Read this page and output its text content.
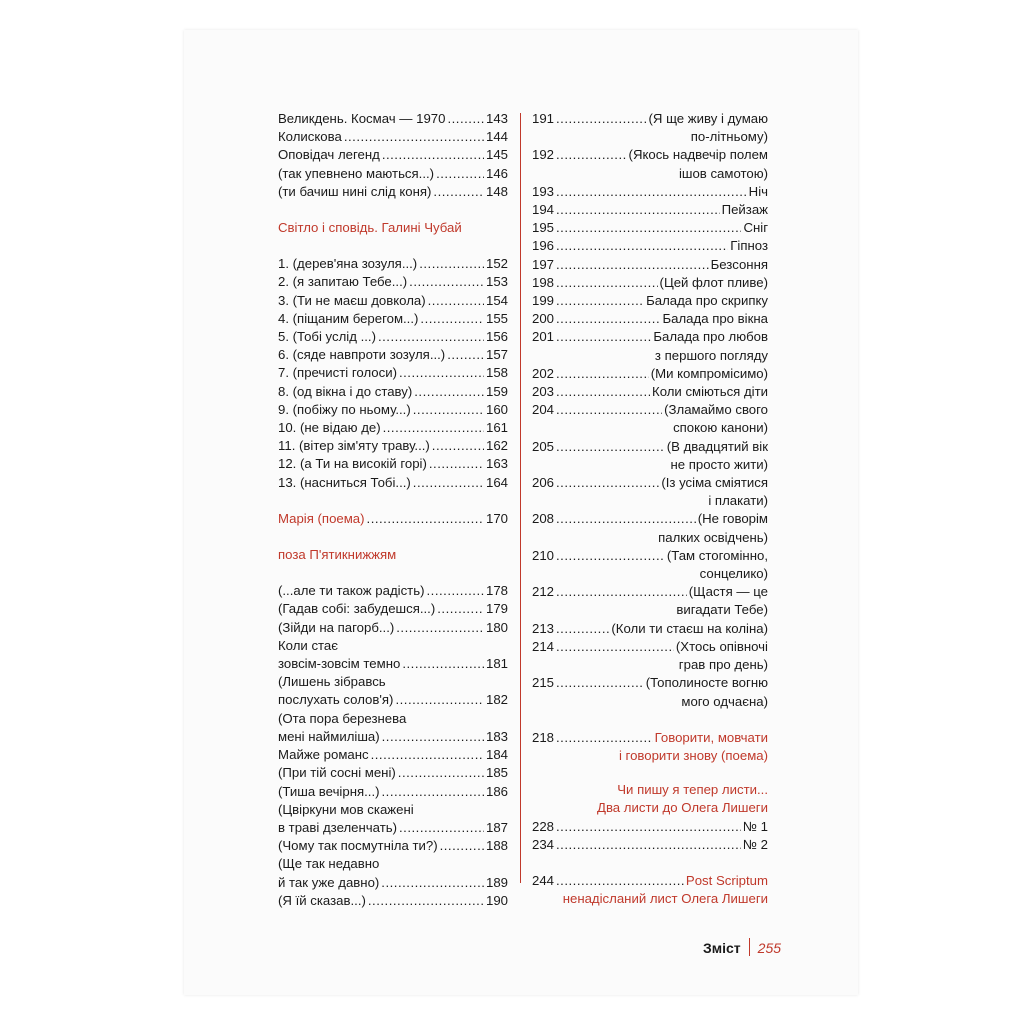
Великдень. Космач — 1970 .....	143
Колискова .....	144
Оповідач легенд .....	145
(так упевнено маються...) .....	146
(ти бачиш нині слід коня) .....	148
Світло і сповідь. Галині Чубай
1. (дерев'яна зозуля...) .....	152
2. (я запитаю Тебе...) .....	153
3. (Ти не маєш довкола) .....	154
4. (піщаним берегом...) .....	155
5. (Тобі услід ...) .....	156
6. (сяде навпроти зозуля...) .....	157
7. (пречисті голоси) .....	158
8. (од вікна і до ставу) .....	159
9. (побіжу по ньому...) .....	160
10. (не відаю де) .....	161
11. (вітер зім'яту траву...) .....	162
12. (а Ти на високій горі) .....	163
13. (насниться Тобі...) .....	164
Марія (поема) .....	170
поза П'ятикнижжям
(...але ти також радість) .....	178
(Гадав собі: забудешся...) .....	179
(Зійди на пагорб...) .....	180
Коли стає
зовсім-зовсім темно .....	181
(Лишень зібравсь
послухать солов'я) .....	182
(Ота пора березнева
мені наймиліша) .....	183
Майже романс .....	184
(При тій сосні мені) .....	185
(Тиша вечірня...) .....	186
(Цвіркуни мов скажені
в траві дзеленчать) .....	187
(Чому так посмутніла ти?) .....	188
(Ще так недавно
й так уже давно) .....	189
(Я їй сказав...) .....	190
191 .....	(Я ще живу і думаю
по-літньому)
192 .....	(Якось надвечір полем
ішов самотою)
193 .....	Ніч
194 .....	Пейзаж
195 .....	Сніг
196 .....	Гіпноз
197 .....	Безсоння
198 .....	(Цей флот пливе)
199 .....	Балада про скрипку
200 .....	Балада про вікна
201 .....	Балада про любов
з першого погляду
202 .....	(Ми компромісимо)
203 .....	Коли сміються діти
204 .....	(Зламаймо свого
спокою канони)
205 .....	(В двадцятий вік
не просто жити)
206 .....	(Із усіма сміятися
і плакати)
208 .....	(Не говорім
палких освідчень)
210 .....	(Там стогомінно,
сонцелико)
212 .....	(Щастя — це
вигадати Тебе)
213 .....	(Коли ти стаєш на коліна)
214 .....	(Хтось опівночі
грав про день)
215 .....	(Тополиносте вогню
мого одчаєна)
218 .....	Говорити, мовчати
і говорити знову (поема)
Чи пишу я тепер листи...
Два листи до Олега Лишеги
228 .....	№ 1
234 .....	№ 2
244 .....	Post Scriptum
ненадісланий лист Олега Лишеги
Зміст 255
